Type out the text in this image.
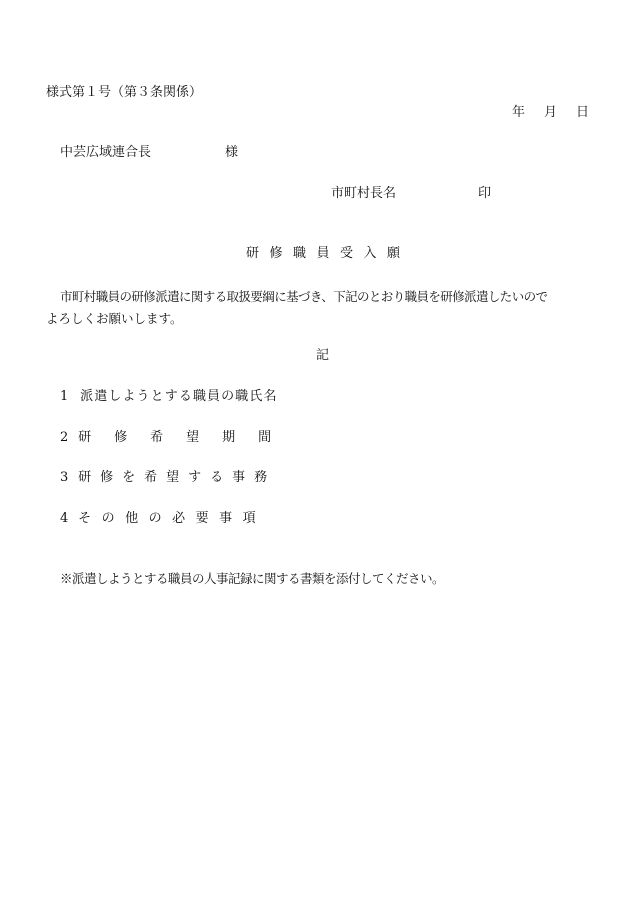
様式第１号（第３条関係）
年 月 日
中芸広域連合長	様
市町村長名	印
研修職員受入願
市町村職員の研修派遣に関する取扱要綱に基づき、下記のとおり職員を研修派遣したいので
よろしくお願いします。
記
1 派遣しようとする職員の職氏名
2 研修希望期間
3 研修を希望する事務
4 その他の必要事項
※派遣しようとする職員の人事記録に関する書類を添付してください。
